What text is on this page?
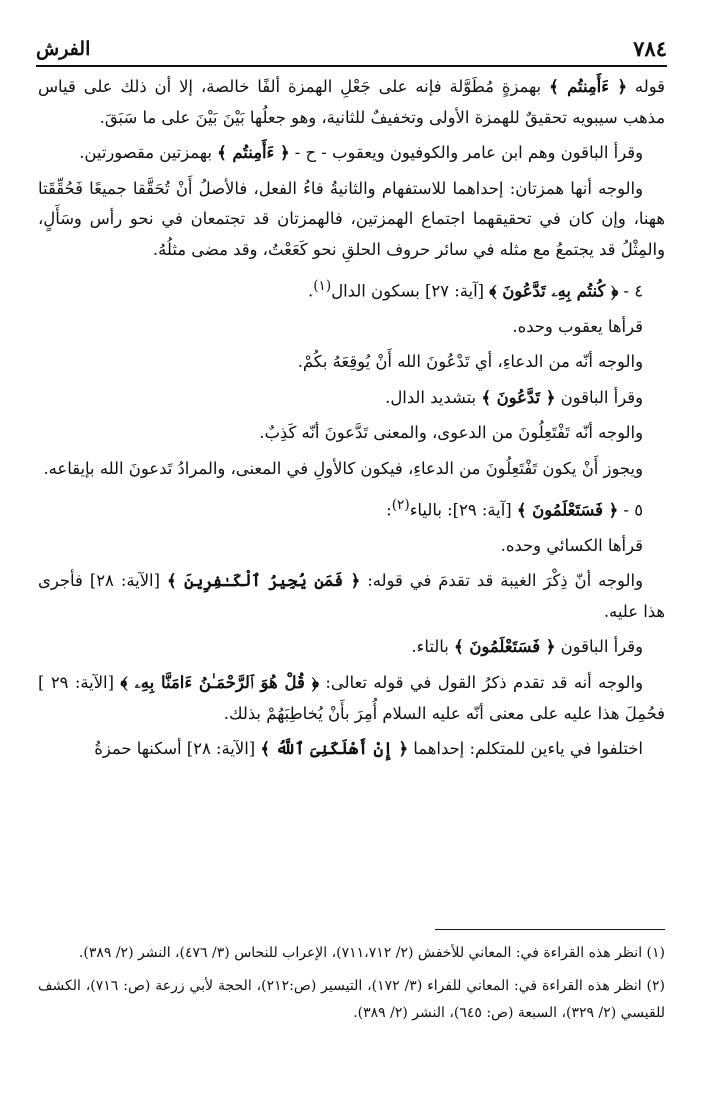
٧٨٤
الفرش

قوله ﴿ ءَأَمِنتُم ﴾ بهمزةٍ مُطَوَّلة فإنه على جَعْلِ الهمزة ألفًا خالصة، إلا أن ذلك على قياس مذهب سيبويه تحقيقٌ للهمزة الأولى وتخفيفٌ للثانية، وهو جعلُها بَيْنَ بَيْنَ على ما سَبَقَ.

وقرأ الباقون وهم ابن عامر والكوفيون ويعقوب - ح - ﴿ ءَأَمِنتُم ﴾ بهمزتين مقصورتين.

والوجه أنها همزتان: إحداهما للاستفهام والثانيةُ فاءُ الفعل، فالأصلُ أَنْ تُحَقَّقا جميعًا فَحُقِّقَتا ههنا، وإن كان في تحقيقهما اجتماع الهمزتين، فالهمزتان قد تجتمعان في نحو رأس وسَأَلٍ، والمِثْلُ قد يجتمعُ مع مثله في سائر حروف الحلقِ نحو كَعَعْتُ، وقد مضى مثلُهُ.

٤ - ﴿ كُنتُم بِهِۦ تَدَّعُونَ ﴾ [آية: ٢٧] بسكون الدال$^{(١)}$.

قرأها يعقوب وحده.

والوجه أنّه من الدعاءِ، أي تَدْعُونَ الله أَنْ يُوقِعَهُ بكُمْ.

وقرأ الباقون ﴿ تَدَّعُونَ ﴾ بتشديد الدال.

والوجه أنّه تَفْتَعِلُونَ من الدعوى، والمعنى تَدَّعونَ أنّه كَذِبٌ.

ويجوز أَنْ يكون تَفْتَعِلُونَ من الدعاءِ، فيكون كالأولِ في المعنى، والمرادُ تَدعونَ الله بإيقاعه.

٥ - ﴿ فَسَتَعْلَمُونَ ﴾ [آية: ٢٩]: بالياء$^{(٢)}$:

قرأها الكسائي وحده.

والوجه أنّ ذِكْرَ الغيبة قد تقدمَ في قوله: ﴿ فَمَن يُجِيرُ ٱلْكَـٰفِرِينَ ﴾ [الآية: ٢٨] فأجرى هذا عليه.

وقرأ الباقون ﴿ فَسَتَعْلَمُونَ ﴾ بالتاء.

والوجه أنه قد تقدم ذكرُ القول في قوله تعالى: ﴿ قُلْ هُوَ ٱلرَّحْمَـٰنُ ءَامَنَّا بِهِۦ ﴾ [الآية: ٢٩ ] فحُمِلَ هذا عليه على معنى أنّه عليه السلام أُمِرَ بأَنْ يُخاطِبَهُمْ بذلك.

اختلفوا في ياءين للمتكلم: إحداهما ﴿ إِنْ أَهْلَكَنِىَ ٱللَّهُ ﴾ [الآية: ٢٨] أسكنها حمزةُ

(١) انظر هذه القراءة في: المعاني للأخفش (٢/ ٧١١،٧١٢)، الإعراب للنحاس (٣/ ٤٧٦)، النشر (٢/ ٣٨٩).

(٢) انظر هذه القراءة في: المعاني للفراء (٣/ ١٧٢)، التيسير (ص:٢١٢)، الحجة لأبي زرعة (ص: ٧١٦)، الكشف للقيسي (٢/ ٣٢٩)، السبعة (ص: ٦٤٥)، النشر (٢/ ٣٨٩).
